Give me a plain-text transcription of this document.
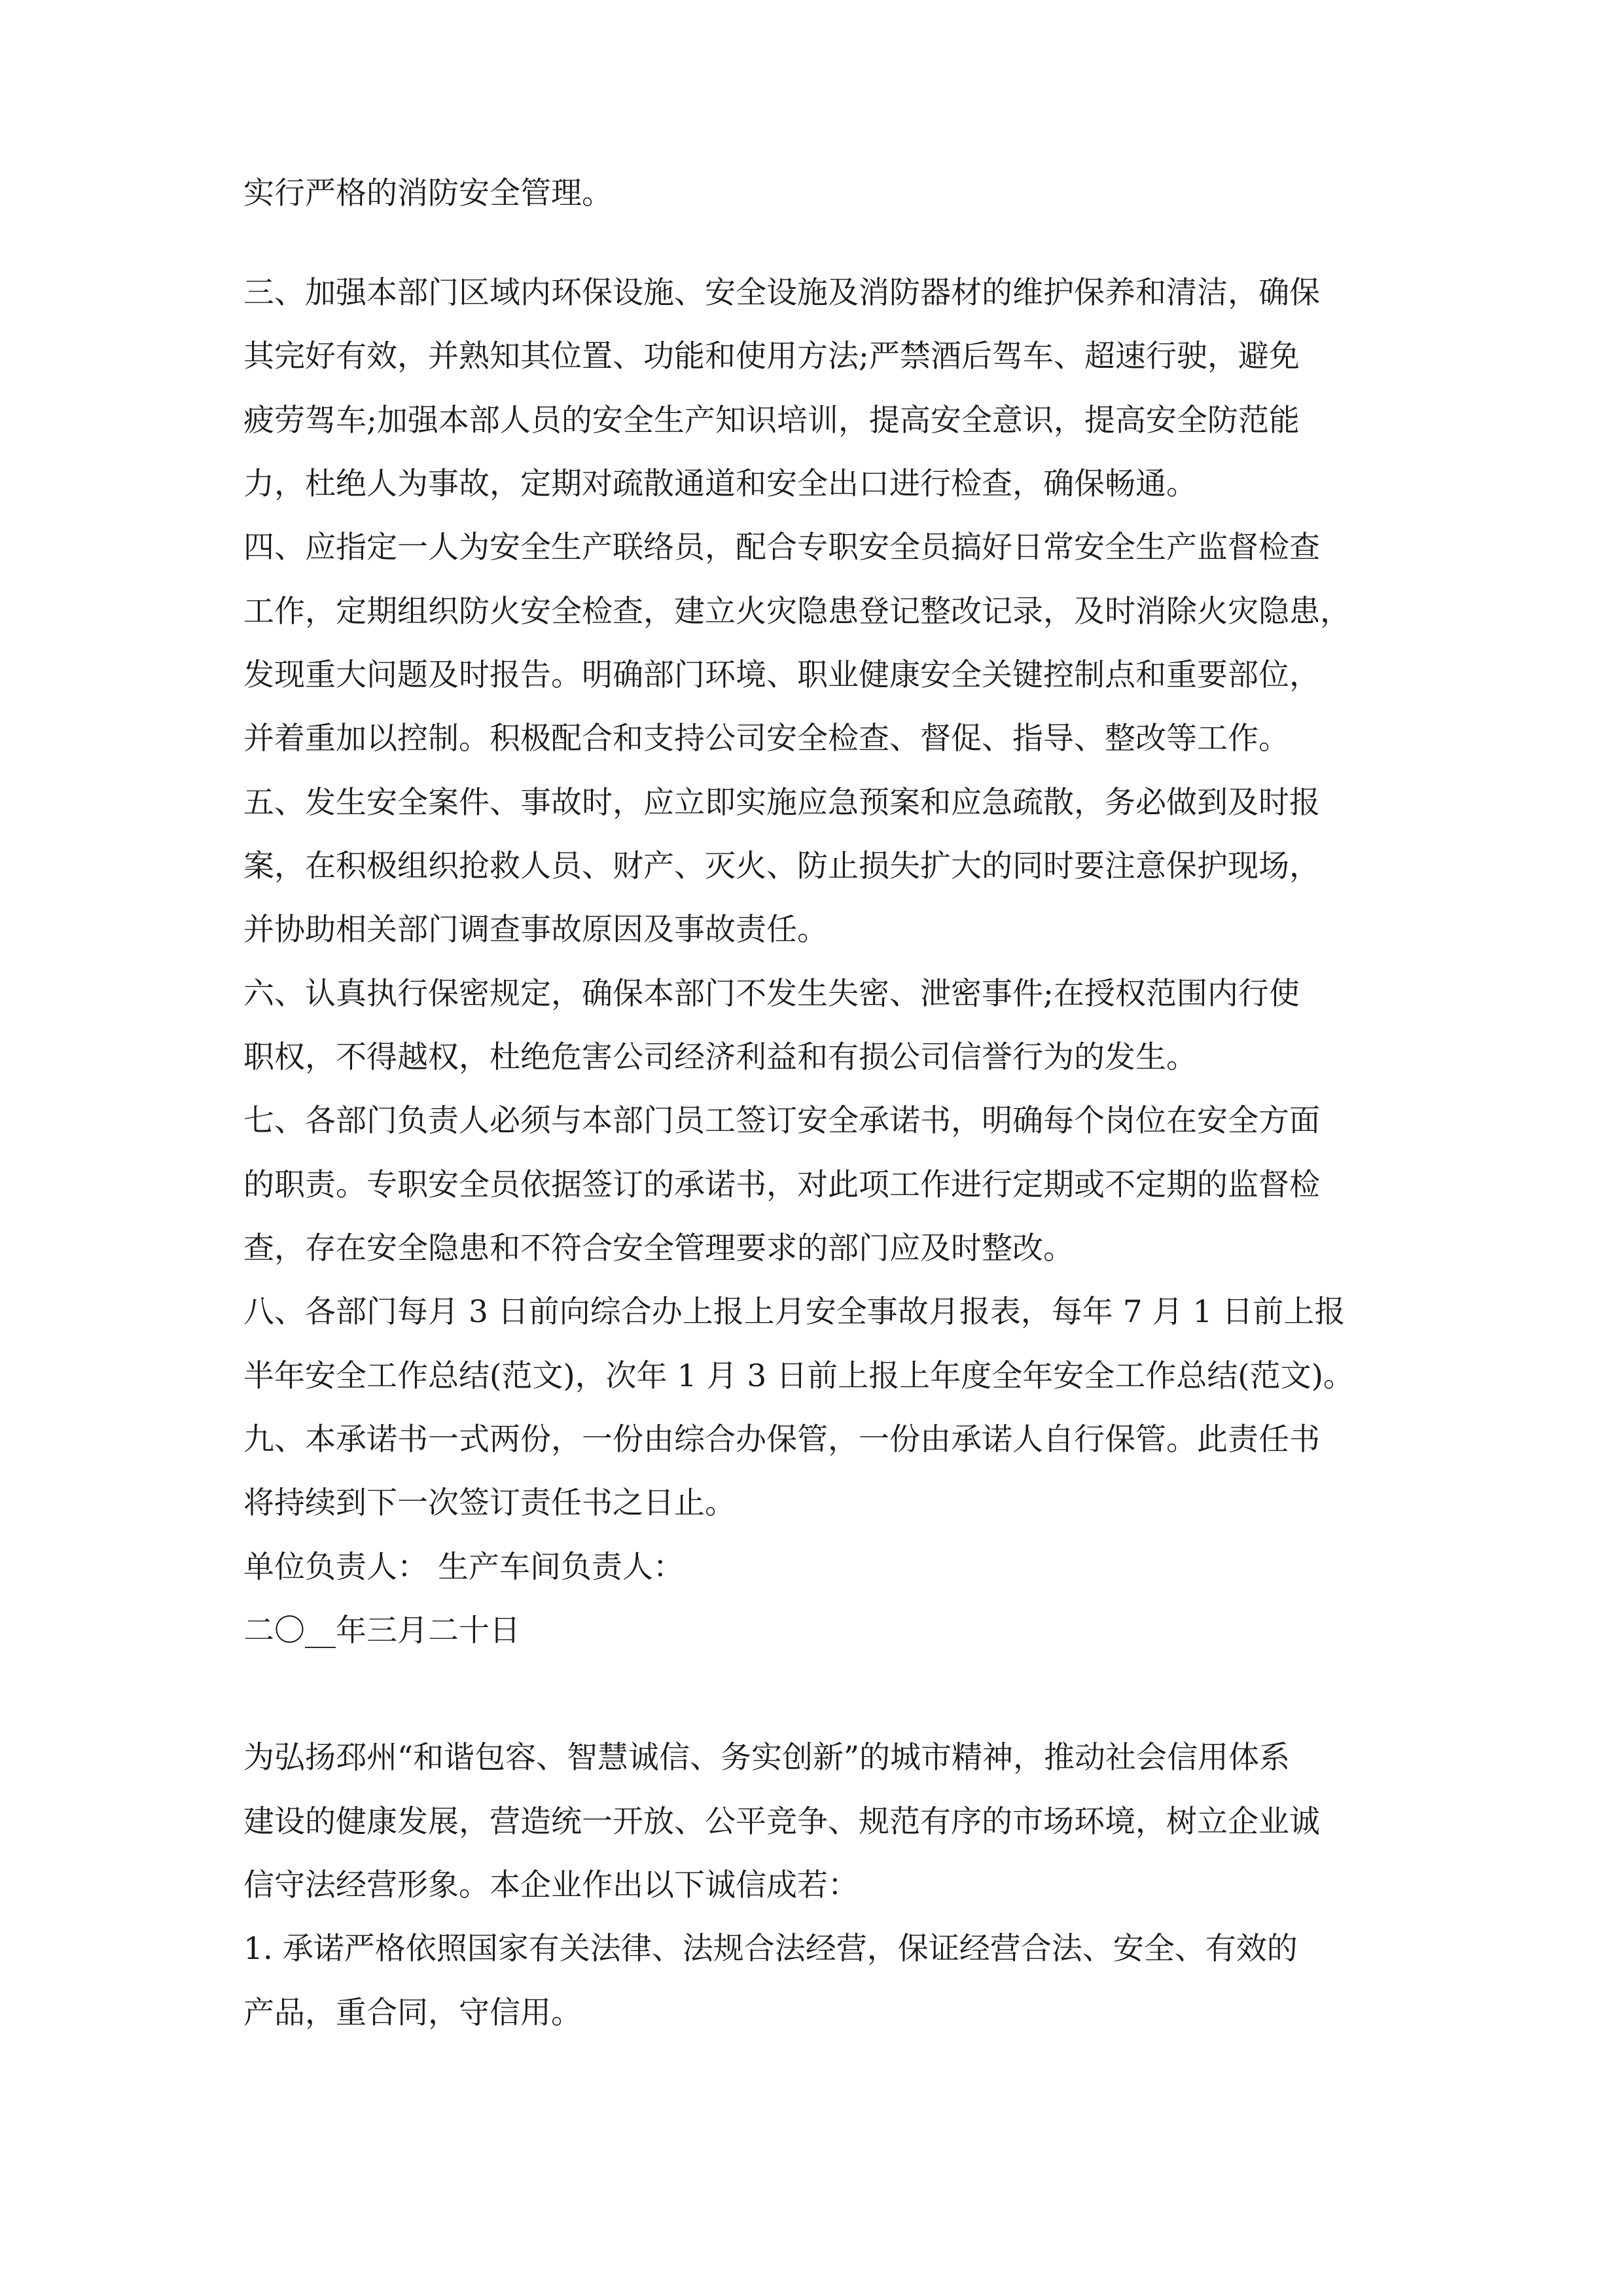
实行严格的消防安全管理。
三、加强本部门区域内环保设施、安全设施及消防器材的维护保养和清洁，确保
其完好有效，并熟知其位置、功能和使用方法;严禁酒后驾车、超速行驶，避免
疲劳驾车;加强本部人员的安全生产知识培训，提高安全意识，提高安全防范能
力，杜绝人为事故，定期对疏散通道和安全出口进行检查，确保畅通。
四、应指定一人为安全生产联络员，配合专职安全员搞好日常安全生产监督检查
工作，定期组织防火安全检查，建立火灾隐患登记整改记录，及时消除火灾隐患，
发现重大问题及时报告。明确部门环境、职业健康安全关键控制点和重要部位，
并着重加以控制。积极配合和支持公司安全检查、督促、指导、整改等工作。
五、发生安全案件、事故时，应立即实施应急预案和应急疏散，务必做到及时报
案，在积极组织抢救人员、财产、灭火、防止损失扩大的同时要注意保护现场，
并协助相关部门调查事故原因及事故责任。
六、认真执行保密规定，确保本部门不发生失密、泄密事件;在授权范围内行使
职权，不得越权，杜绝危害公司经济利益和有损公司信誉行为的发生。
七、各部门负责人必须与本部门员工签订安全承诺书，明确每个岗位在安全方面
的职责。专职安全员依据签订的承诺书，对此项工作进行定期或不定期的监督检
查，存在安全隐患和不符合安全管理要求的部门应及时整改。
八、各部门每月 3 日前向综合办上报上月安全事故月报表，每年 7 月 1 日前上报
半年安全工作总结(范文)，次年 1 月 3 日前上报上年度全年安全工作总结(范文)。
九、本承诺书一式两份，一份由综合办保管，一份由承诺人自行保管。此责任书
将持续到下一次签订责任书之日止。
单位负责人： 生产车间负责人：
二〇__年三月二十日
为弘扬邳州“和谐包容、智慧诚信、务实创新”的城市精神，推动社会信用体系
建设的健康发展，营造统一开放、公平竞争、规范有序的市场环境，树立企业诚
信守法经营形象。本企业作出以下诚信成若：
1. 承诺严格依照国家有关法律、法规合法经营，保证经营合法、安全、有效的
产品，重合同，守信用。
